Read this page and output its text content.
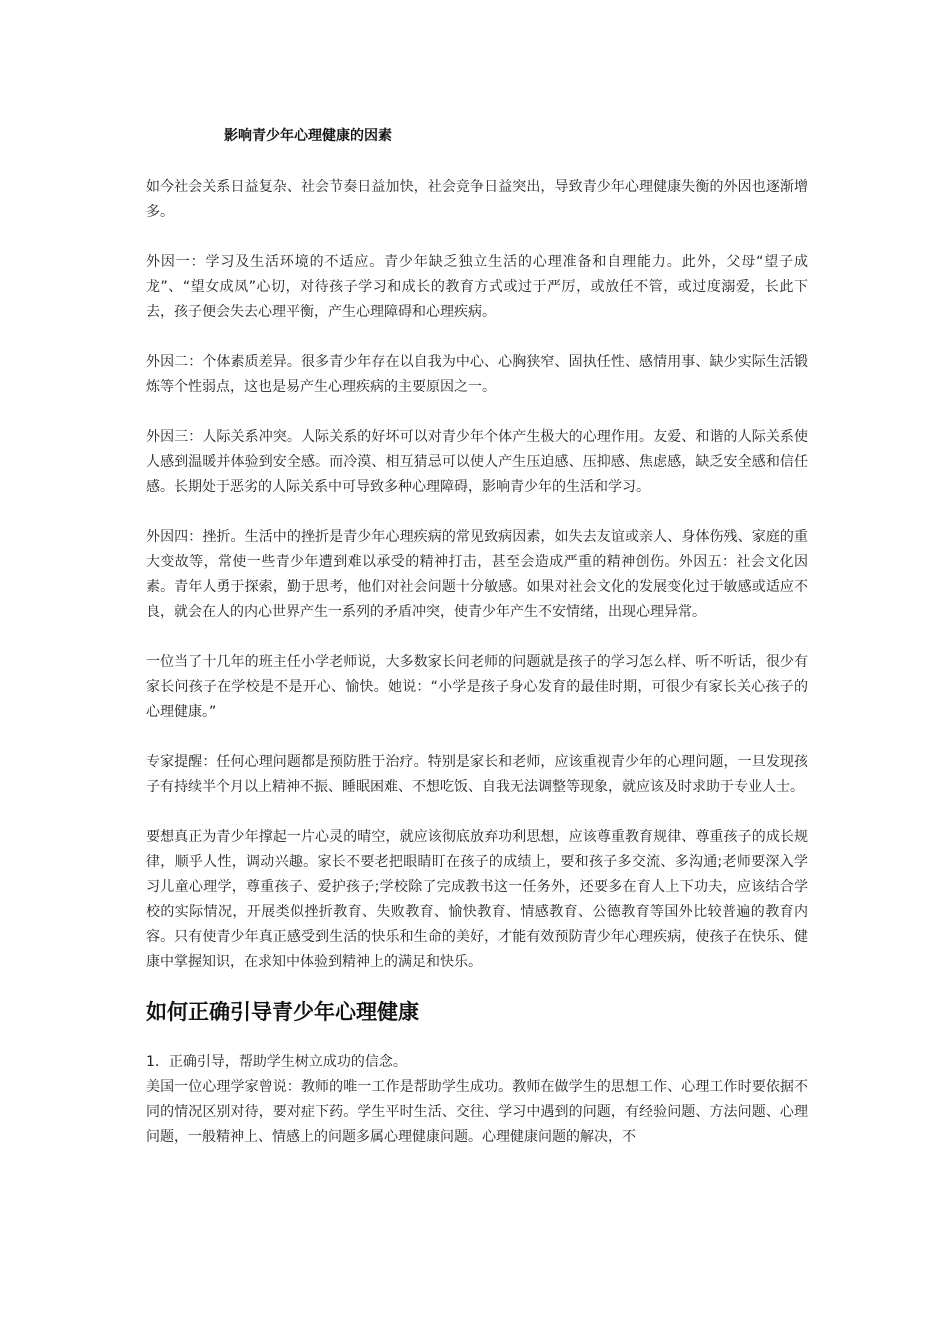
影响青少年心理健康的因素

如今社会关系日益复杂、社会节奏日益加快，社会竞争日益突出，导致青少年心理健康失衡的外因也逐渐增多。

外因一：学习及生活环境的不适应。青少年缺乏独立生活的心理准备和自理能力。此外，父母“望子成龙”、“望女成凤”心切，对待孩子学习和成长的教育方式或过于严厉，或放任不管，或过度溺爱，长此下去，孩子便会失去心理平衡，产生心理障碍和心理疾病。

外因二：个体素质差异。很多青少年存在以自我为中心、心胸狭窄、固执任性、感情用事、缺少实际生活锻炼等个性弱点，这也是易产生心理疾病的主要原因之一。

外因三：人际关系冲突。人际关系的好坏可以对青少年个体产生极大的心理作用。友爱、和谐的人际关系使人感到温暖并体验到安全感。而冷漠、相互猜忌可以使人产生压迫感、压抑感、焦虑感，缺乏安全感和信任感。长期处于恶劣的人际关系中可导致多种心理障碍，影响青少年的生活和学习。

外因四：挫折。生活中的挫折是青少年心理疾病的常见致病因素，如失去友谊或亲人、身体伤残、家庭的重大变故等，常使一些青少年遭到难以承受的精神打击，甚至会造成严重的精神创伤。外因五：社会文化因素。青年人勇于探索，勤于思考，他们对社会问题十分敏感。如果对社会文化的发展变化过于敏感或适应不良，就会在人的内心世界产生一系列的矛盾冲突，使青少年产生不安情绪，出现心理异常。

一位当了十几年的班主任小学老师说，大多数家长问老师的问题就是孩子的学习怎么样、听不听话，很少有家长问孩子在学校是不是开心、愉快。她说：“小学是孩子身心发育的最佳时期，可很少有家长关心孩子的心理健康。”

专家提醒：任何心理问题都是预防胜于治疗。特别是家长和老师，应该重视青少年的心理问题，一旦发现孩子有持续半个月以上精神不振、睡眠困难、不想吃饭、自我无法调整等现象，就应该及时求助于专业人士。

要想真正为青少年撑起一片心灵的晴空，就应该彻底放弃功利思想，应该尊重教育规律、尊重孩子的成长规律，顺乎人性，调动兴趣。家长不要老把眼睛盯在孩子的成绩上，要和孩子多交流、多沟通;老师要深入学习儿童心理学，尊重孩子、爱护孩子;学校除了完成教书这一任务外，还要多在育人上下功夫，应该结合学校的实际情况，开展类似挫折教育、失败教育、愉快教育、情感教育、公德教育等国外比较普遍的教育内容。只有使青少年真正感受到生活的快乐和生命的美好，才能有效预防青少年心理疾病，使孩子在快乐、健康中掌握知识，在求知中体验到精神上的满足和快乐。

如何正确引导青少年心理健康

1．正确引导，帮助学生树立成功的信念。

美国一位心理学家曾说：教师的唯一工作是帮助学生成功。教师在做学生的思想工作、心理工作时要依据不同的情况区别对待，要对症下药。学生平时生活、交往、学习中遇到的问题，有经验问题、方法问题、心理问题，一般精神上、情感上的问题多属心理健康问题。心理健康问题的解决，不
